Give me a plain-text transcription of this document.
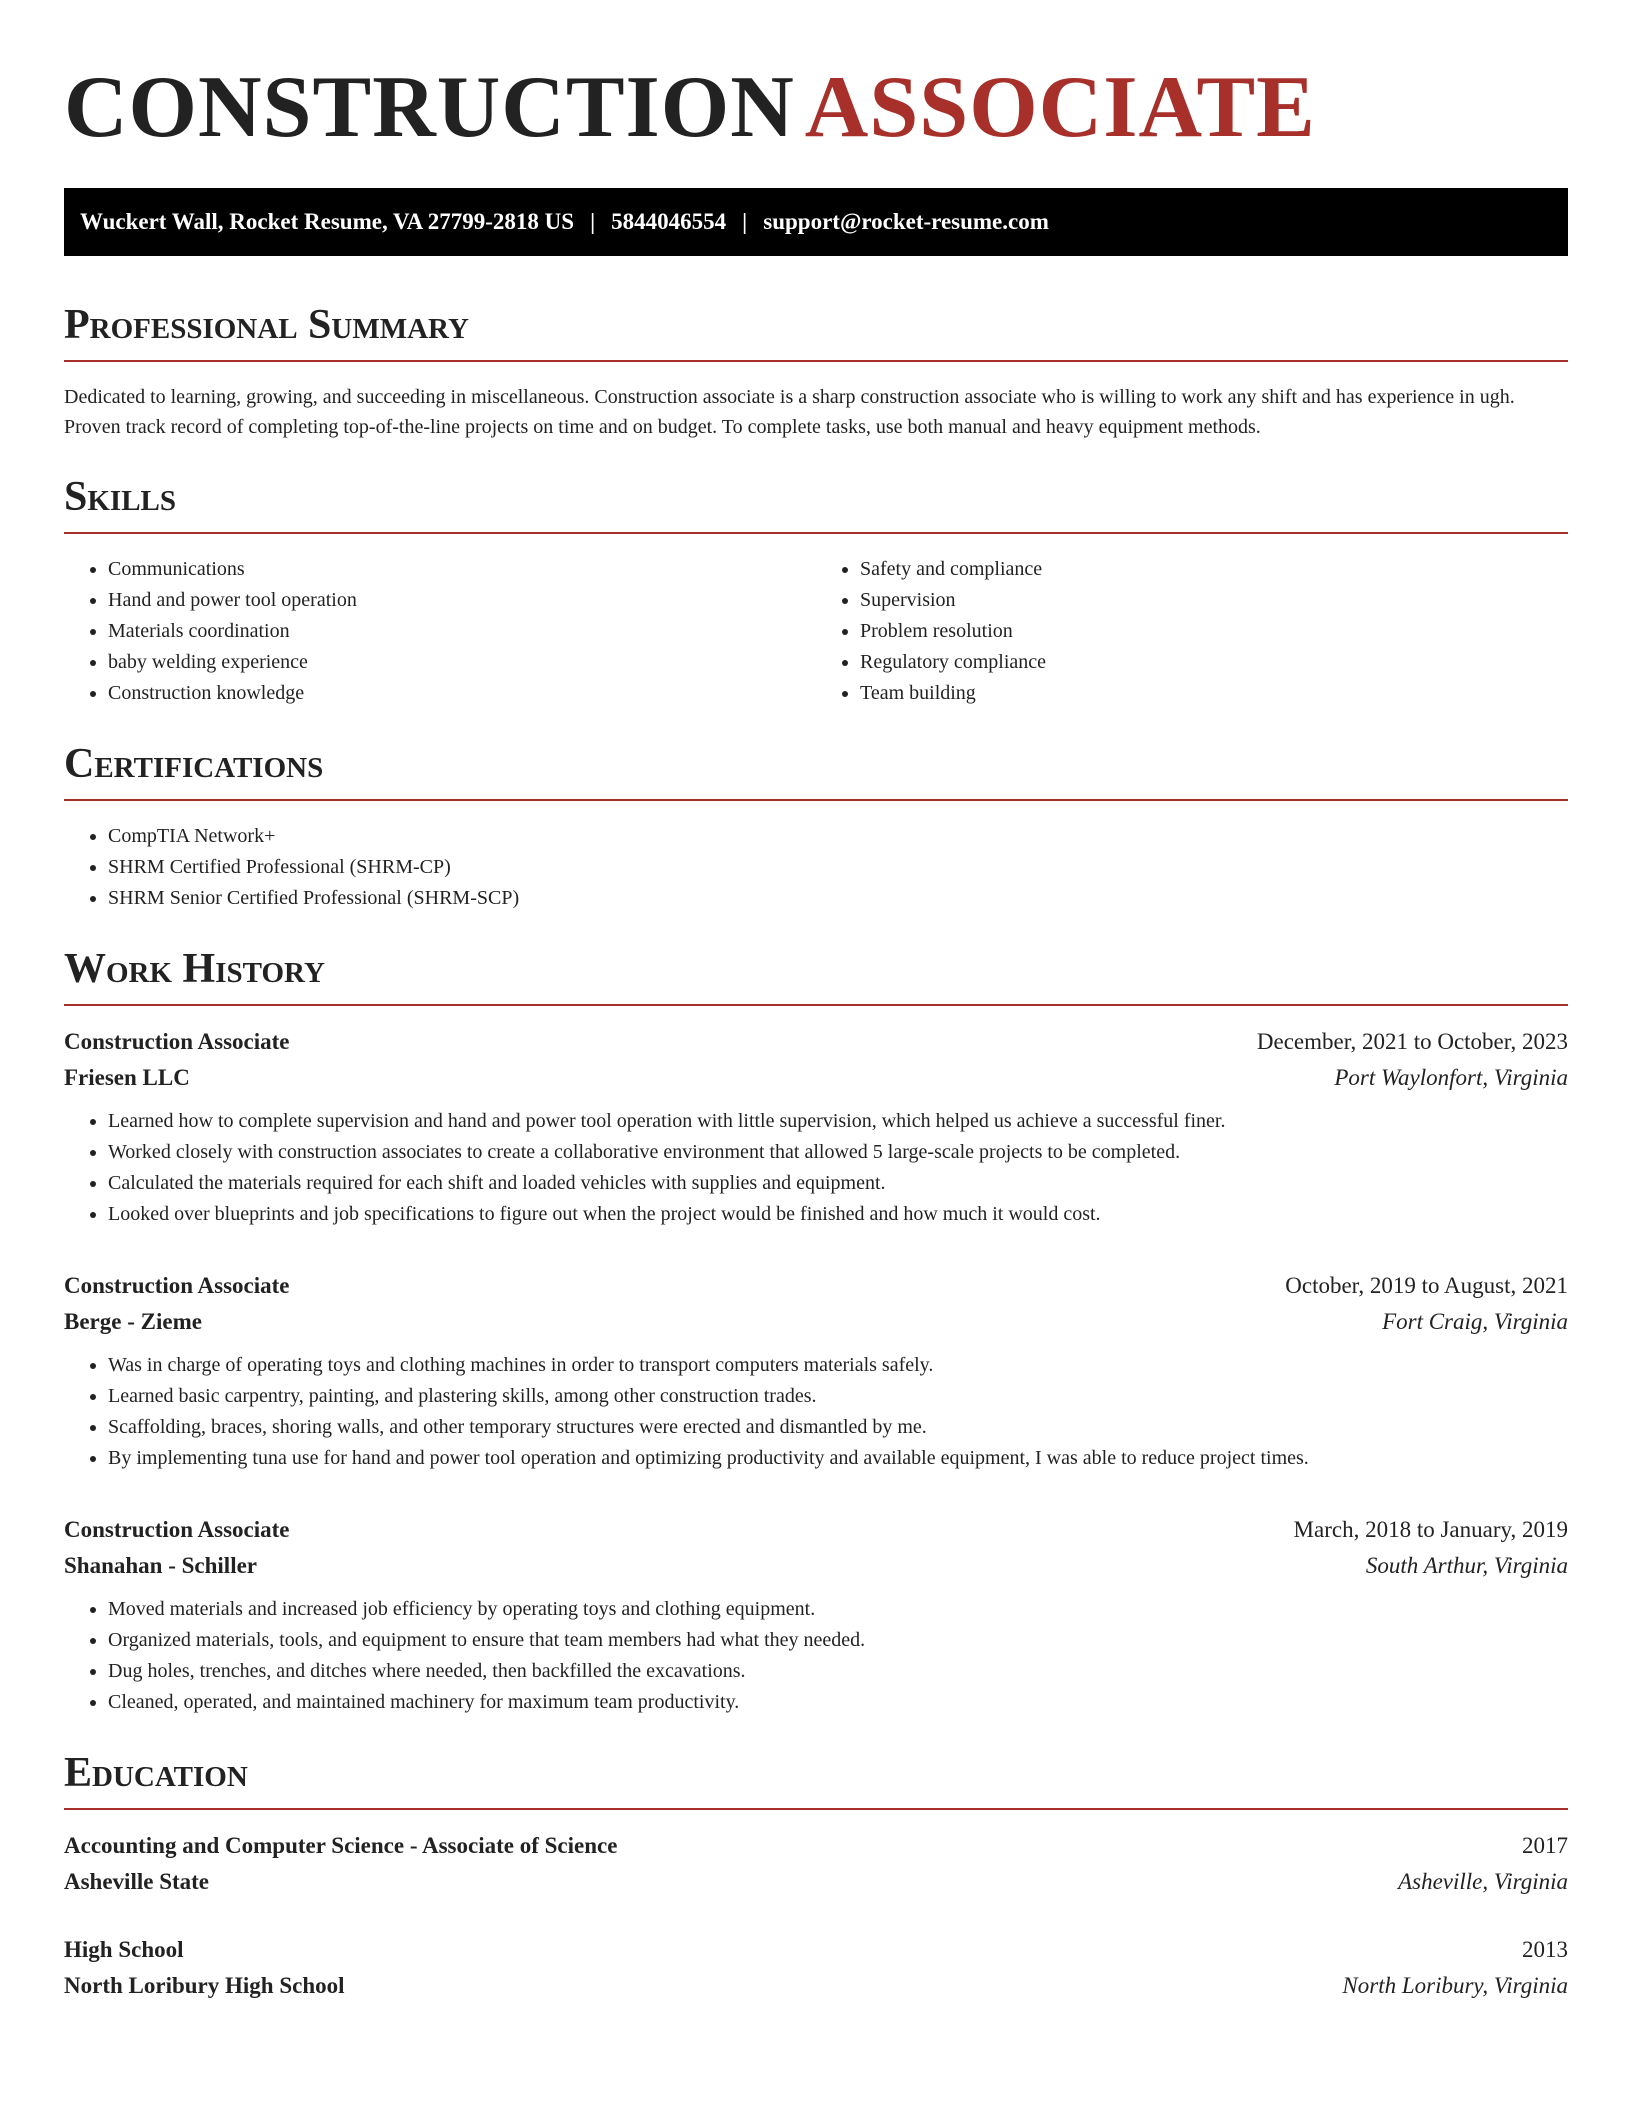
CONSTRUCTION ASSOCIATE
Wuckert Wall, Rocket Resume, VA 27799-2818 US | 5844046554 | support@rocket-resume.com
Professional Summary

Dedicated to learning, growing, and succeeding in miscellaneous. Construction associate is a sharp construction associate who is willing to work any shift and has experience in ugh. Proven track record of completing top-of-the-line projects on time and on budget. To complete tasks, use both manual and heavy equipment methods.

Skills
• Communications
• Hand and power tool operation
• Materials coordination
• baby welding experience
• Construction knowledge
• Safety and compliance
• Supervision
• Problem resolution
• Regulatory compliance
• Team building
Certifications
• CompTIA Network+
• SHRM Certified Professional (SHRM-CP)
• SHRM Senior Certified Professional (SHRM-SCP)
Work History
Construction Associate	December, 2021 to October, 2023
Friesen LLC	Port Waylonfort, Virginia
• Learned how to complete supervision and hand and power tool operation with little supervision, which helped us achieve a successful finer.
• Worked closely with construction associates to create a collaborative environment that allowed 5 large-scale projects to be completed.
• Calculated the materials required for each shift and loaded vehicles with supplies and equipment.
• Looked over blueprints and job specifications to figure out when the project would be finished and how much it would cost.
Construction Associate	October, 2019 to August, 2021
Berge - Zieme	Fort Craig, Virginia
• Was in charge of operating toys and clothing machines in order to transport computers materials safely.
• Learned basic carpentry, painting, and plastering skills, among other construction trades.
• Scaffolding, braces, shoring walls, and other temporary structures were erected and dismantled by me.
• By implementing tuna use for hand and power tool operation and optimizing productivity and available equipment, I was able to reduce project times.
Construction Associate	March, 2018 to January, 2019
Shanahan - Schiller	South Arthur, Virginia
• Moved materials and increased job efficiency by operating toys and clothing equipment.
• Organized materials, tools, and equipment to ensure that team members had what they needed.
• Dug holes, trenches, and ditches where needed, then backfilled the excavations.
• Cleaned, operated, and maintained machinery for maximum team productivity.
Education
Accounting and Computer Science - Associate of Science	2017
Asheville State	Asheville, Virginia
High School	2013
North Loribury High School	North Loribury, Virginia
